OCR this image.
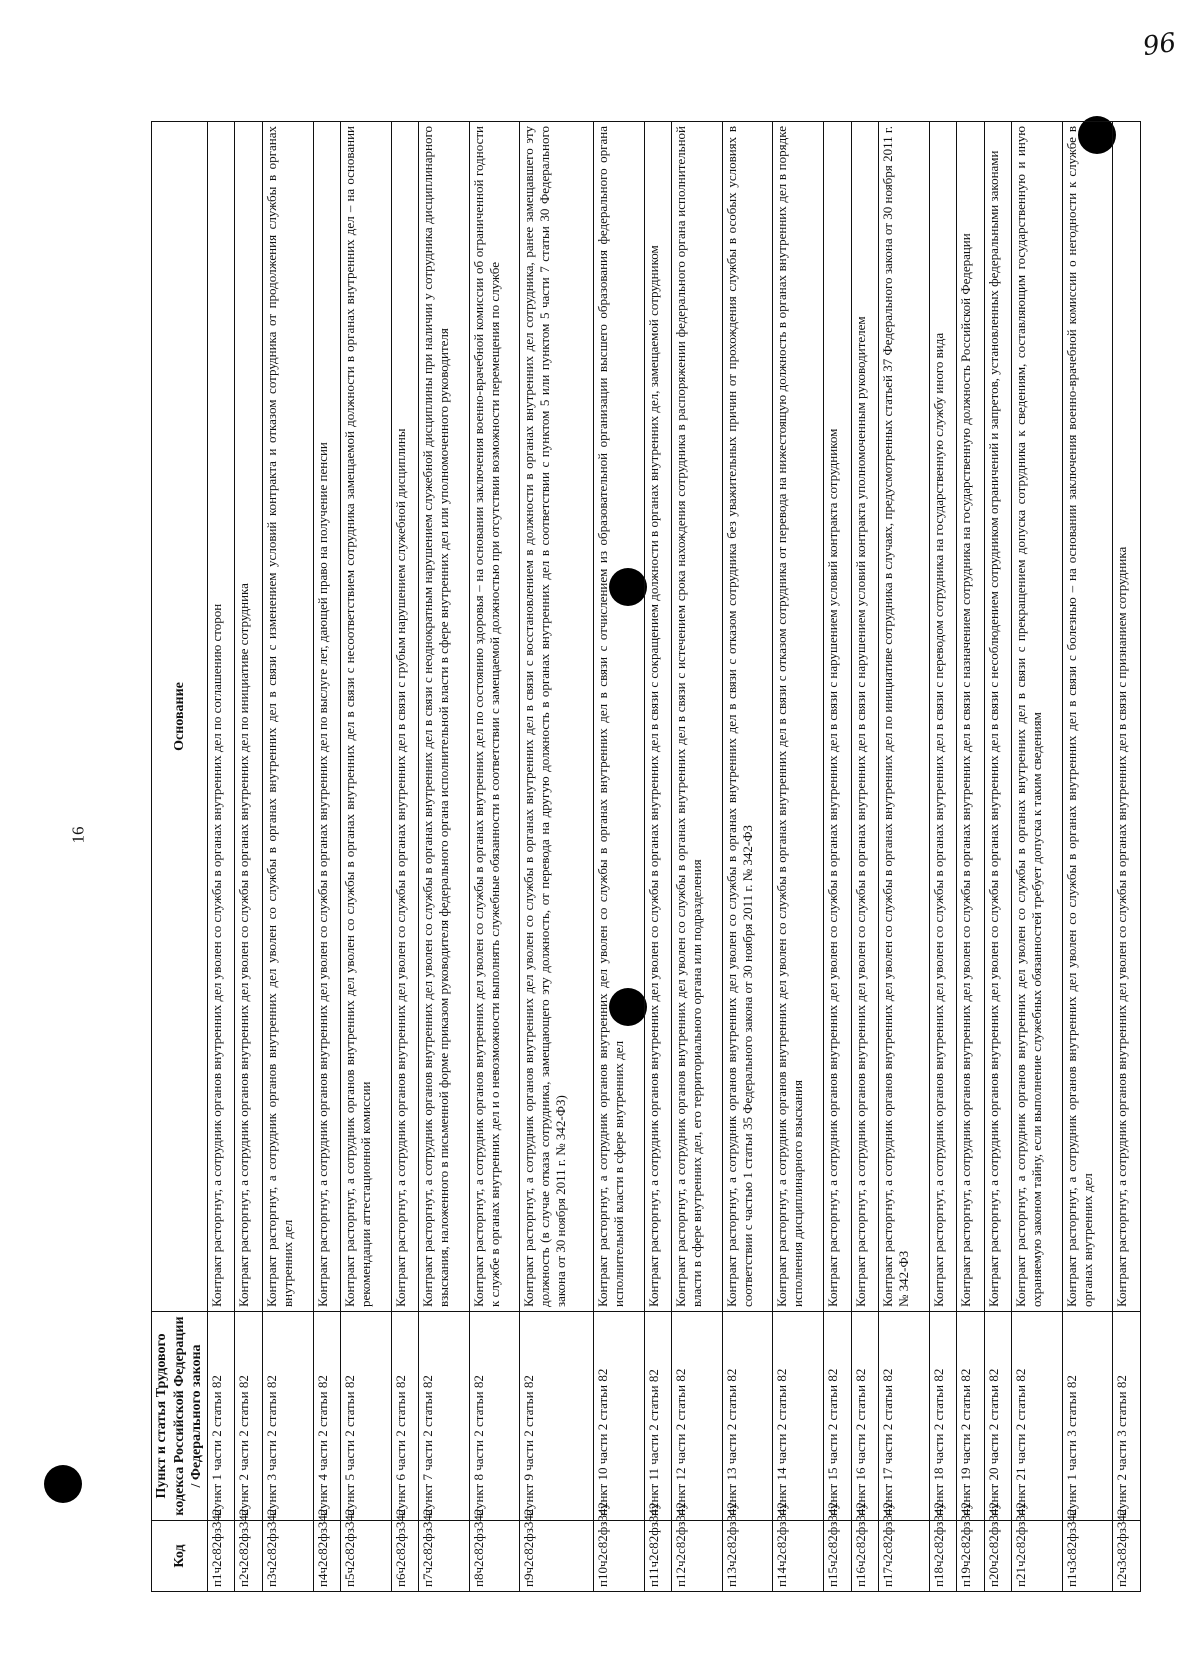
96
16
Код	Пункт и статья Трудового кодекса Российской Федерации / Федерального закона	Основание
п1ч2с82фз342	пункт 1 части 2 статьи 82	Контракт расторгнут, а сотрудник органов внутренних дел уволен со службы в органах внутренних дел по соглашению сторон
п2ч2с82фз342	пункт 2 части 2 статьи 82	Контракт расторгнут, а сотрудник органов внутренних дел уволен со службы в органах внутренних дел по инициативе сотрудника
п3ч2с82фз342	пункт 3 части 2 статьи 82	Контракт расторгнут, а сотрудник органов внутренних дел уволен со службы в органах внутренних дел в связи с изменением условий контракта и отказом сотрудника от продолжения службы в органах внутренних дел
п4ч2с82фз342	пункт 4 части 2 статьи 82	Контракт расторгнут, а сотрудник органов внутренних дел уволен со службы в органах внутренних дел по выслуге лет, дающей право на получение пенсии
п5ч2с82фз342	пункт 5 части 2 статьи 82	Контракт расторгнут, а сотрудник органов внутренних дел уволен со службы в органах внутренних дел в связи с несоответствием сотрудника замещаемой должности в органах внутренних дел – на основании рекомендации аттестационной комиссии
п6ч2с82фз342	пункт 6 части 2 статьи 82	Контракт расторгнут, а сотрудник органов внутренних дел уволен со службы в органах внутренних дел в связи с грубым нарушением служебной дисциплины
п7ч2с82фз342	пункт 7 части 2 статьи 82	Контракт расторгнут, а сотрудник органов внутренних дел уволен со службы в органах внутренних дел в связи с неоднократным нарушением служебной дисциплины при наличии у сотрудника дисциплинарного взыскания, наложенного в письменной форме приказом руководителя федерального органа исполнительной власти в сфере внутренних дел или уполномоченного руководителя
п8ч2с82фз342	пункт 8 части 2 статьи 82	Контракт расторгнут, а сотрудник органов внутренних дел уволен со службы в органах внутренних дел по состоянию здоровья – на основании заключения военно-врачебной комиссии об ограниченной годности к службе в органах внутренних дел и о невозможности выполнять служебные обязанности в соответствии с замещаемой должностью при отсутствии возможности перемещения по службе
п9ч2с82фз342	пункт 9 части 2 статьи 82	Контракт расторгнут, а сотрудник органов внутренних дел уволен со службы в органах внутренних дел в связи с восстановлением в должности в органах внутренних дел сотрудника, ранее замещавшего эту должность (в случае отказа сотрудника, замещающего эту должность, от перевода на другую должность в органах внутренних дел в соответствии с пунктом 5 или пунктом 5 части 7 статьи 30 Федерального закона от 30 ноября 2011 г. № 342-ФЗ)
п10ч2с82фз342	пункт 10 части 2 статьи 82	Контракт расторгнут, а сотрудник органов внутренних дел уволен со службы в органах внутренних дел в связи с отчислением из образовательной организации высшего образования федерального органа исполнительной власти в сфере внутренних дел
п11ч2с82фз342	пункт 11 части 2 статьи 82	Контракт расторгнут, а сотрудник органов внутренних дел уволен со службы в органах внутренних дел в связи с сокращением должности в органах внутренних дел, замещаемой сотрудником
п12ч2с82фз342	пункт 12 части 2 статьи 82	Контракт расторгнут, а сотрудник органов внутренних дел уволен со службы в органах внутренних дел в связи с истечением срока нахождения сотрудника в распоряжении федерального органа исполнительной власти в сфере внутренних дел, его территориального органа или подразделения
п13ч2с82фз342	пункт 13 части 2 статьи 82	Контракт расторгнут, а сотрудник органов внутренних дел уволен со службы в органах внутренних дел в связи с отказом сотрудника без уважительных причин от прохождения службы в особых условиях в соответствии с частью 1 статьи 35 Федерального закона от 30 ноября 2011 г. № 342-ФЗ
п14ч2с82фз342	пункт 14 части 2 статьи 82	Контракт расторгнут, а сотрудник органов внутренних дел уволен со службы в органах внутренних дел в связи с отказом сотрудника от перевода на нижестоящую должность в органах внутренних дел в порядке исполнения дисциплинарного взыскания
п15ч2с82фз342	пункт 15 части 2 статьи 82	Контракт расторгнут, а сотрудник органов внутренних дел уволен со службы в органах внутренних дел в связи с нарушением условий контракта сотрудником
п16ч2с82фз342	пункт 16 части 2 статьи 82	Контракт расторгнут, а сотрудник органов внутренних дел уволен со службы в органах внутренних дел в связи с нарушением условий контракта уполномоченным руководителем
п17ч2с82фз342	пункт 17 части 2 статьи 82	Контракт расторгнут, а сотрудник органов внутренних дел уволен со службы в органах внутренних дел по инициативе сотрудника в случаях, предусмотренных статьей 37 Федерального закона от 30 ноября 2011 г. № 342-ФЗ
п18ч2с82фз342	пункт 18 части 2 статьи 82	Контракт расторгнут, а сотрудник органов внутренних дел уволен со службы в органах внутренних дел в связи с переводом сотрудника на государственную службу иного вида
п19ч2с82фз342	пункт 19 части 2 статьи 82	Контракт расторгнут, а сотрудник органов внутренних дел уволен со службы в органах внутренних дел в связи с назначением сотрудника на государственную должность Российской Федерации
п20ч2с82фз342	пункт 20 части 2 статьи 82	Контракт расторгнут, а сотрудник органов внутренних дел уволен со службы в органах внутренних дел в связи с несоблюдением сотрудником ограничений и запретов, установленных федеральными законами
п21ч2с82фз342	пункт 21 части 2 статьи 82	Контракт расторгнут, а сотрудник органов внутренних дел уволен со службы в органах внутренних дел в связи с прекращением допуска сотрудника к сведениям, составляющим государственную и иную охраняемую законом тайну, если выполнение служебных обязанностей требует допуска к таким сведениям
п1ч3с82фз342	пункт 1 части 3 статьи 82	Контракт расторгнут, а сотрудник органов внутренних дел уволен со службы в органах внутренних дел в связи с болезнью – на основании заключения военно-врачебной комиссии о негодности к службе в органах внутренних дел
п2ч3с82фз342	пункт 2 части 3 статьи 82	Контракт расторгнут, а сотрудник органов внутренних дел уволен со службы в органах внутренних дел в связи с признанием сотрудника
